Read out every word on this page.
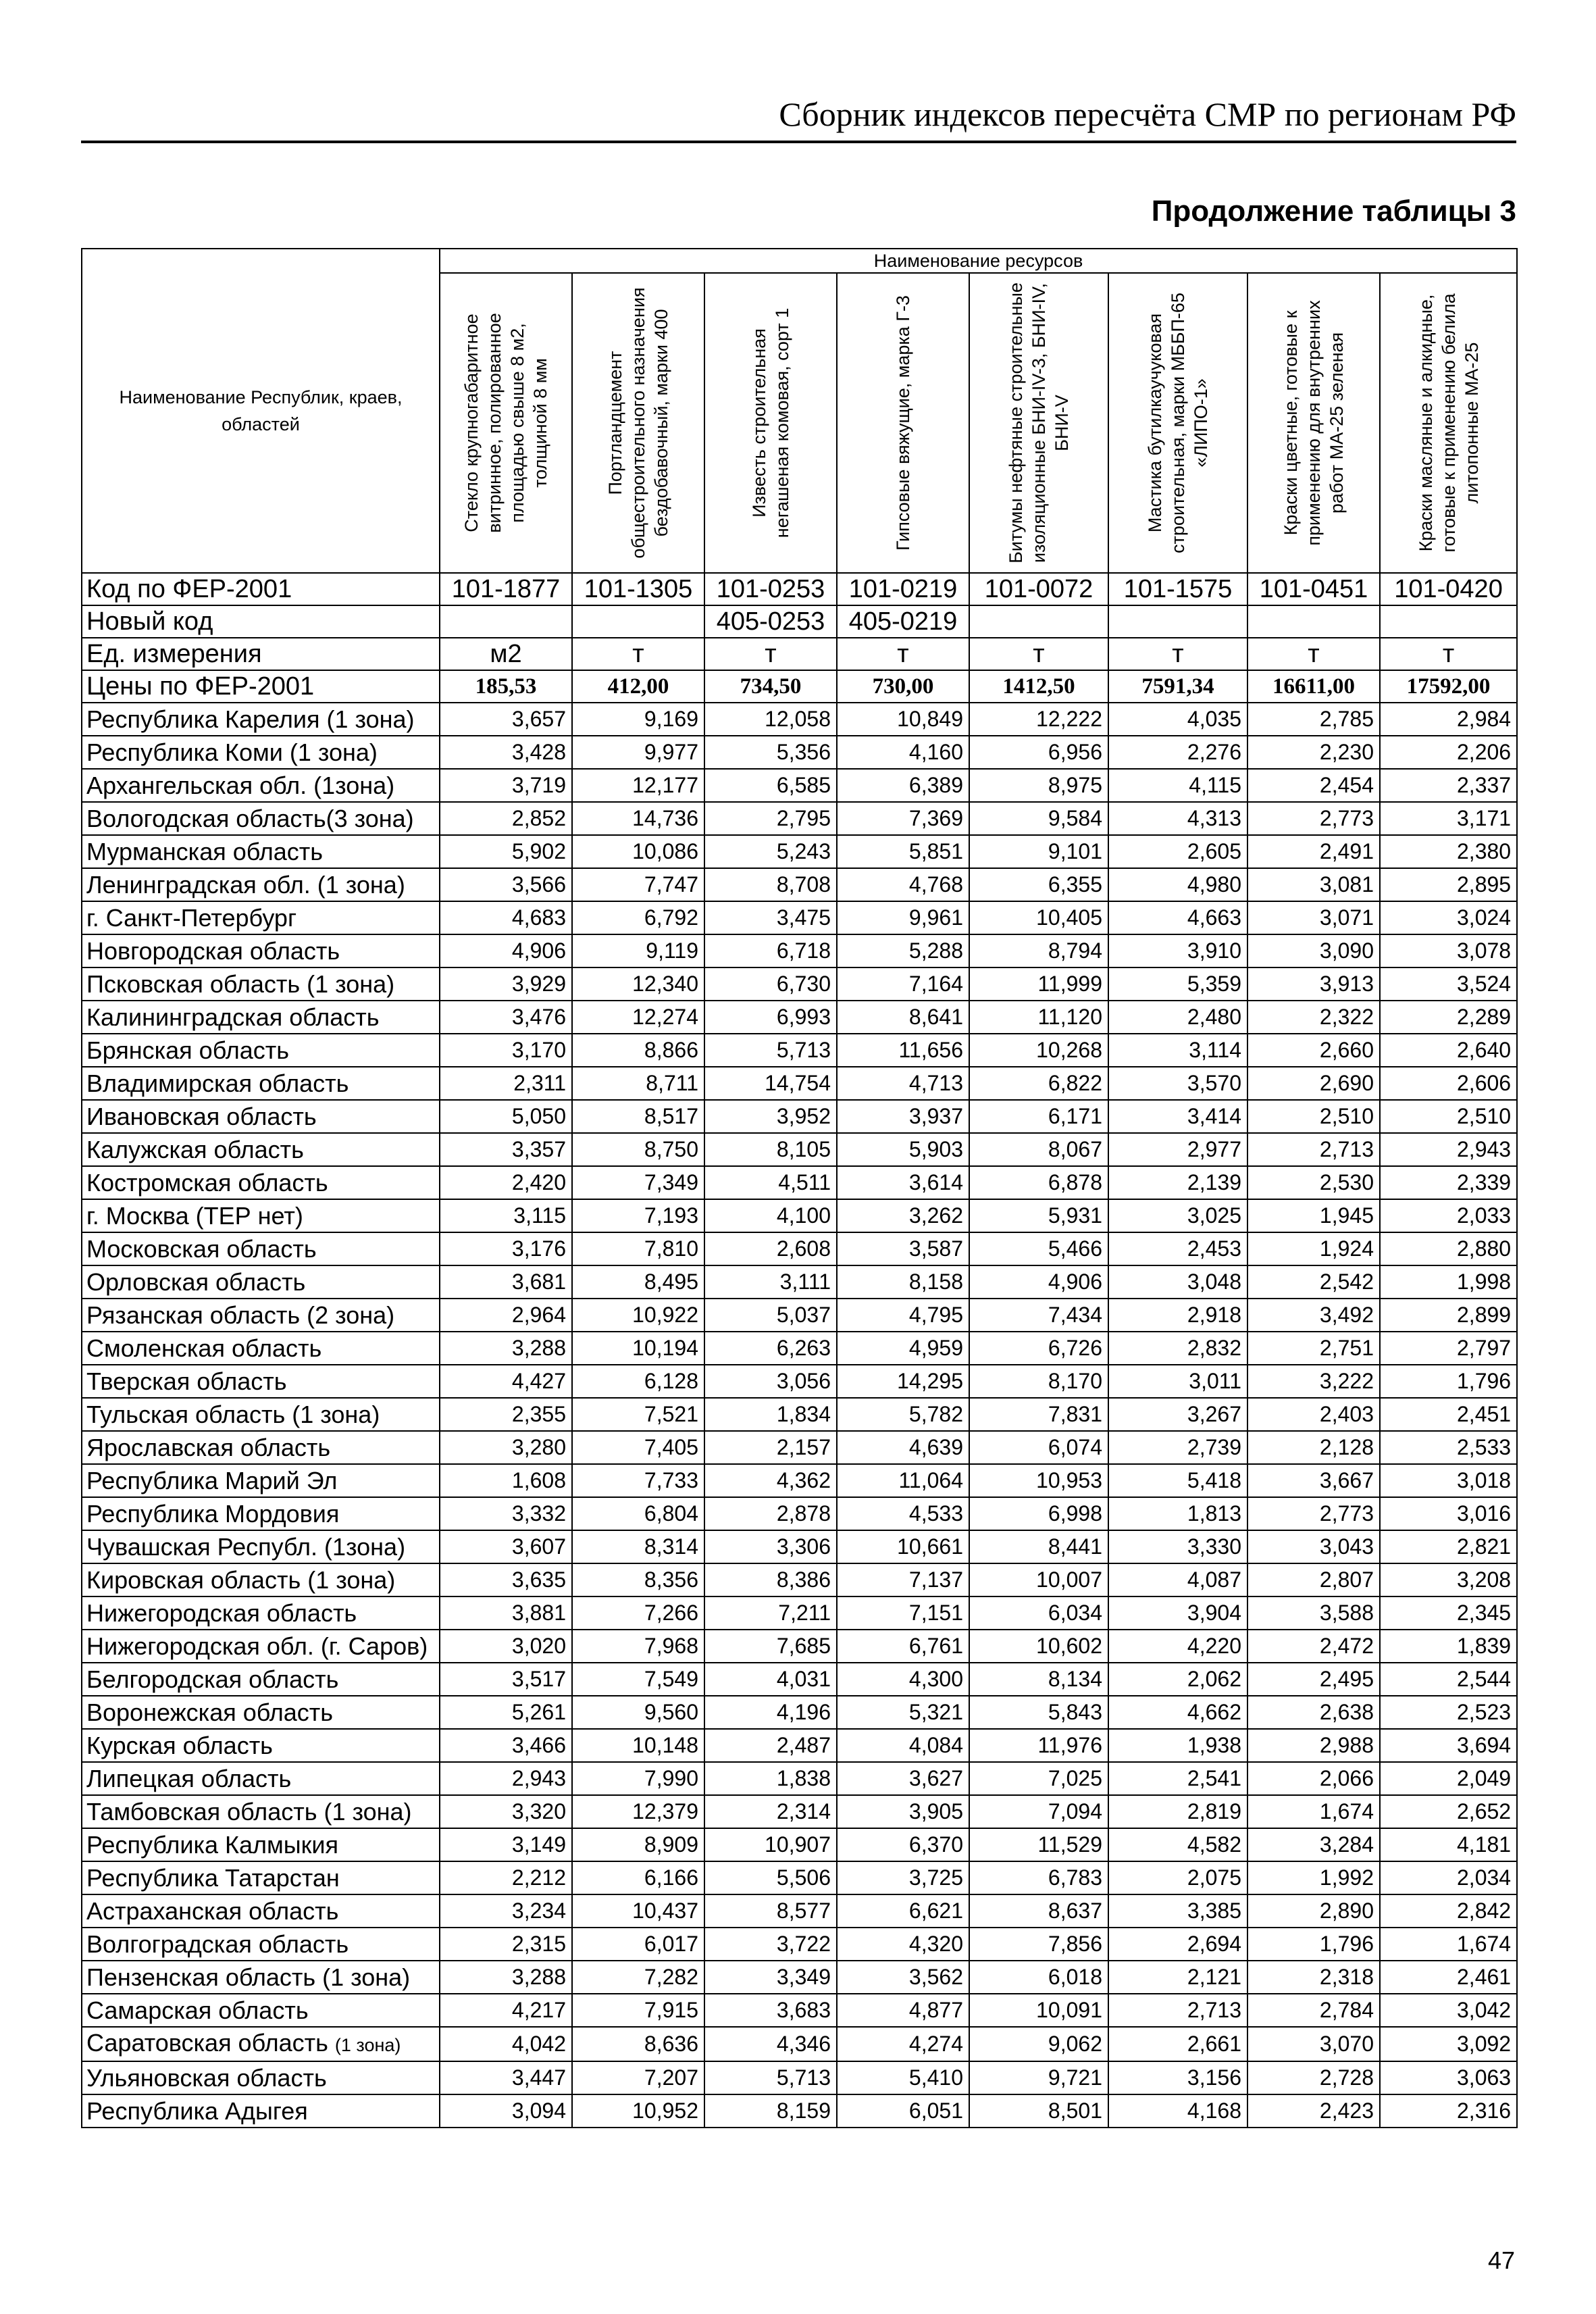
Сборник индексов пересчёта СМР по регионам РФ
Продолжение таблицы 3
Наименование Республик, краев, областей	Наименование ресурсов							

	Стекло крупногабаритное витринное, полированное площадью свыше 8 м2, толщиной 8 мм	Портландцемент общестроительного назначения бездобавочный, марки 400	Известь строительная негашеная комовая, сорт 1	Гипсовые вяжущие, марка Г-3	Битумы нефтяные строительные изоляционные БНИ-IV-3, БНИ-IV, БНИ-V	Мастика бутилкаучуковая строительная, марки МББП-65 «ЛИПО-1»	Краски цветные, готовые к применению для внутренних работ МА-25 зеленая	Краски масляные и алкидные, готовые к применению белила литопонные МА-25

Код по ФЕР-2001	101-1877	101-1305	101-0253	101-0219	101-0072	101-1575	101-0451	101-0420
Новый код			405-0253	405-0219				
Ед. измерения	м2	т	т	т	т	т	т	т
Цены по ФЕР-2001	185,53	412,00	734,50	730,00	1412,50	7591,34	16611,00	17592,00
Республика Карелия (1 зона)	3,657	9,169	12,058	10,849	12,222	4,035	2,785	2,984
Республика Коми (1 зона)	3,428	9,977	5,356	4,160	6,956	2,276	2,230	2,206
Архангельская обл. (1зона)	3,719	12,177	6,585	6,389	8,975	4,115	2,454	2,337
Вологодская область(3 зона)	2,852	14,736	2,795	7,369	9,584	4,313	2,773	3,171
Мурманская область	5,902	10,086	5,243	5,851	9,101	2,605	2,491	2,380
Ленинградская обл. (1 зона)	3,566	7,747	8,708	4,768	6,355	4,980	3,081	2,895
г. Санкт-Петербург	4,683	6,792	3,475	9,961	10,405	4,663	3,071	3,024
Новгородская область	4,906	9,119	6,718	5,288	8,794	3,910	3,090	3,078
Псковская область (1 зона)	3,929	12,340	6,730	7,164	11,999	5,359	3,913	3,524
Калининградская область	3,476	12,274	6,993	8,641	11,120	2,480	2,322	2,289
Брянская область	3,170	8,866	5,713	11,656	10,268	3,114	2,660	2,640
Владимирская область	2,311	8,711	14,754	4,713	6,822	3,570	2,690	2,606
Ивановская область	5,050	8,517	3,952	3,937	6,171	3,414	2,510	2,510
Калужская область	3,357	8,750	8,105	5,903	8,067	2,977	2,713	2,943
Костромская область	2,420	7,349	4,511	3,614	6,878	2,139	2,530	2,339
г. Москва (ТЕР нет)	3,115	7,193	4,100	3,262	5,931	3,025	1,945	2,033
Московская область	3,176	7,810	2,608	3,587	5,466	2,453	1,924	2,880
Орловская область	3,681	8,495	3,111	8,158	4,906	3,048	2,542	1,998
Рязанская область (2 зона)	2,964	10,922	5,037	4,795	7,434	2,918	3,492	2,899
Смоленская область	3,288	10,194	6,263	4,959	6,726	2,832	2,751	2,797
Тверская область	4,427	6,128	3,056	14,295	8,170	3,011	3,222	1,796
Тульская область (1 зона)	2,355	7,521	1,834	5,782	7,831	3,267	2,403	2,451
Ярославская область	3,280	7,405	2,157	4,639	6,074	2,739	2,128	2,533
Республика Марий Эл	1,608	7,733	4,362	11,064	10,953	5,418	3,667	3,018
Республика Мордовия	3,332	6,804	2,878	4,533	6,998	1,813	2,773	3,016
Чувашская Республ. (1зона)	3,607	8,314	3,306	10,661	8,441	3,330	3,043	2,821
Кировская область (1 зона)	3,635	8,356	8,386	7,137	10,007	4,087	2,807	3,208
Нижегородская область	3,881	7,266	7,211	7,151	6,034	3,904	3,588	2,345
Нижегородская обл. (г. Саров)	3,020	7,968	7,685	6,761	10,602	4,220	2,472	1,839
Белгородская область	3,517	7,549	4,031	4,300	8,134	2,062	2,495	2,544
Воронежская область	5,261	9,560	4,196	5,321	5,843	4,662	2,638	2,523
Курская область	3,466	10,148	2,487	4,084	11,976	1,938	2,988	3,694
Липецкая область	2,943	7,990	1,838	3,627	7,025	2,541	2,066	2,049
Тамбовская область (1 зона)	3,320	12,379	2,314	3,905	7,094	2,819	1,674	2,652
Республика Калмыкия	3,149	8,909	10,907	6,370	11,529	4,582	3,284	4,181
Республика Татарстан	2,212	6,166	5,506	3,725	6,783	2,075	1,992	2,034
Астраханская область	3,234	10,437	8,577	6,621	8,637	3,385	2,890	2,842
Волгоградская область	2,315	6,017	3,722	4,320	7,856	2,694	1,796	1,674
Пензенская область (1 зона)	3,288	7,282	3,349	3,562	6,018	2,121	2,318	2,461
Самарская область	4,217	7,915	3,683	4,877	10,091	2,713	2,784	3,042
Саратовская область (1 зона)	4,042	8,636	4,346	4,274	9,062	2,661	3,070	3,092
Ульяновская область	3,447	7,207	5,713	5,410	9,721	3,156	2,728	3,063
Республика Адыгея	3,094	10,952	8,159	6,051	8,501	4,168	2,423	2,316
47
